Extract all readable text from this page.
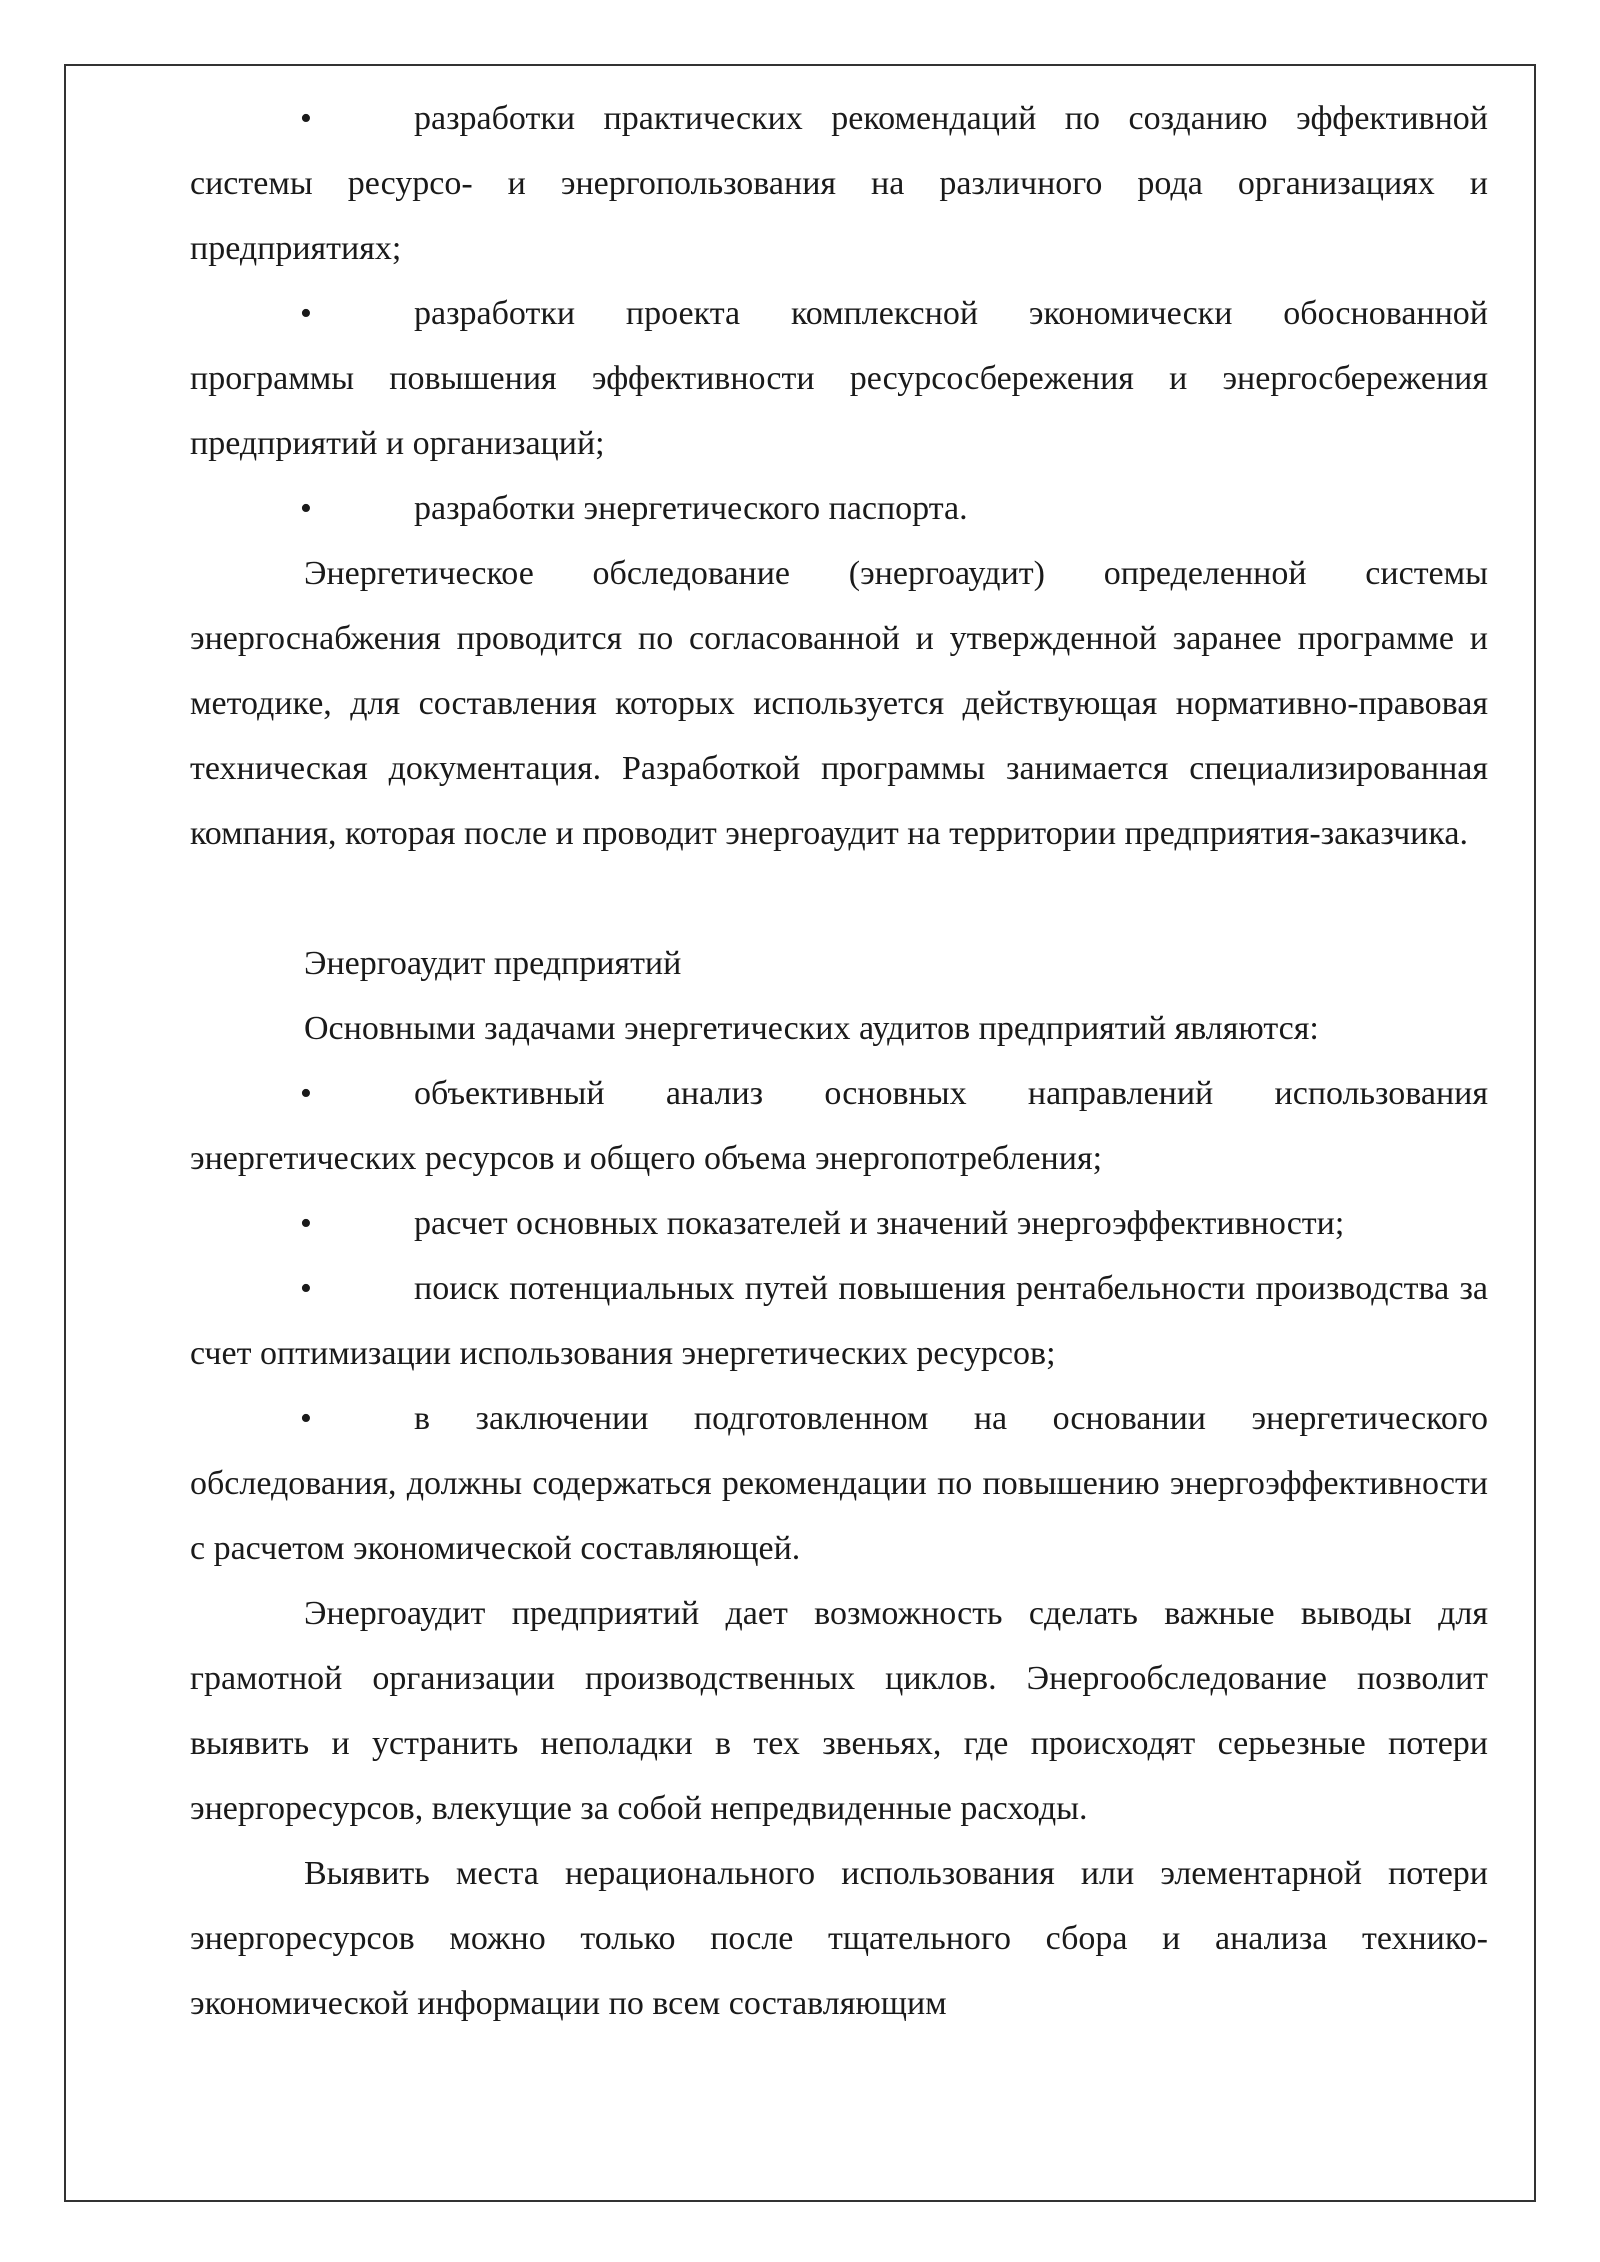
•	разработки практических рекомендаций по созданию эффективной системы ресурсо- и энергопользования на различного рода организациях и предприятиях;

•	разработки проекта комплексной экономически обоснованной программы повышения эффективности ресурсосбережения и энергосбережения предприятий и организаций;

•	разработки энергетического паспорта.

Энергетическое обследование (энергоаудит) определенной системы энергоснабжения проводится по согласованной и утвержденной заранее программе и методике, для составления которых используется действующая нормативно-правовая техническая документация. Разработкой программы занимается специализированная компания, которая после и проводит энергоаудит на территории предприятия-заказчика.

Энергоаудит предприятий

Основными задачами энергетических аудитов предприятий являются:

•	объективный анализ основных направлений использования энергетических ресурсов и общего объема энергопотребления;

•	расчет основных показателей и значений энергоэффективности;

•	поиск потенциальных путей повышения рентабельности производства за счет оптимизации использования энергетических ресурсов;

•	в заключении подготовленном на основании энергетического обследования, должны содержаться рекомендации по повышению энергоэффективности с расчетом экономической составляющей.

Энергоаудит предприятий дает возможность сделать важные выводы для грамотной организации производственных циклов. Энергообследование позволит выявить и устранить неполадки в тех звеньях, где происходят серьезные потери энергоресурсов, влекущие за собой непредвиденные расходы.

Выявить места нерационального использования или элементарной потери энергоресурсов можно только после тщательного сбора и анализа технико-экономической информации по всем составляющим
